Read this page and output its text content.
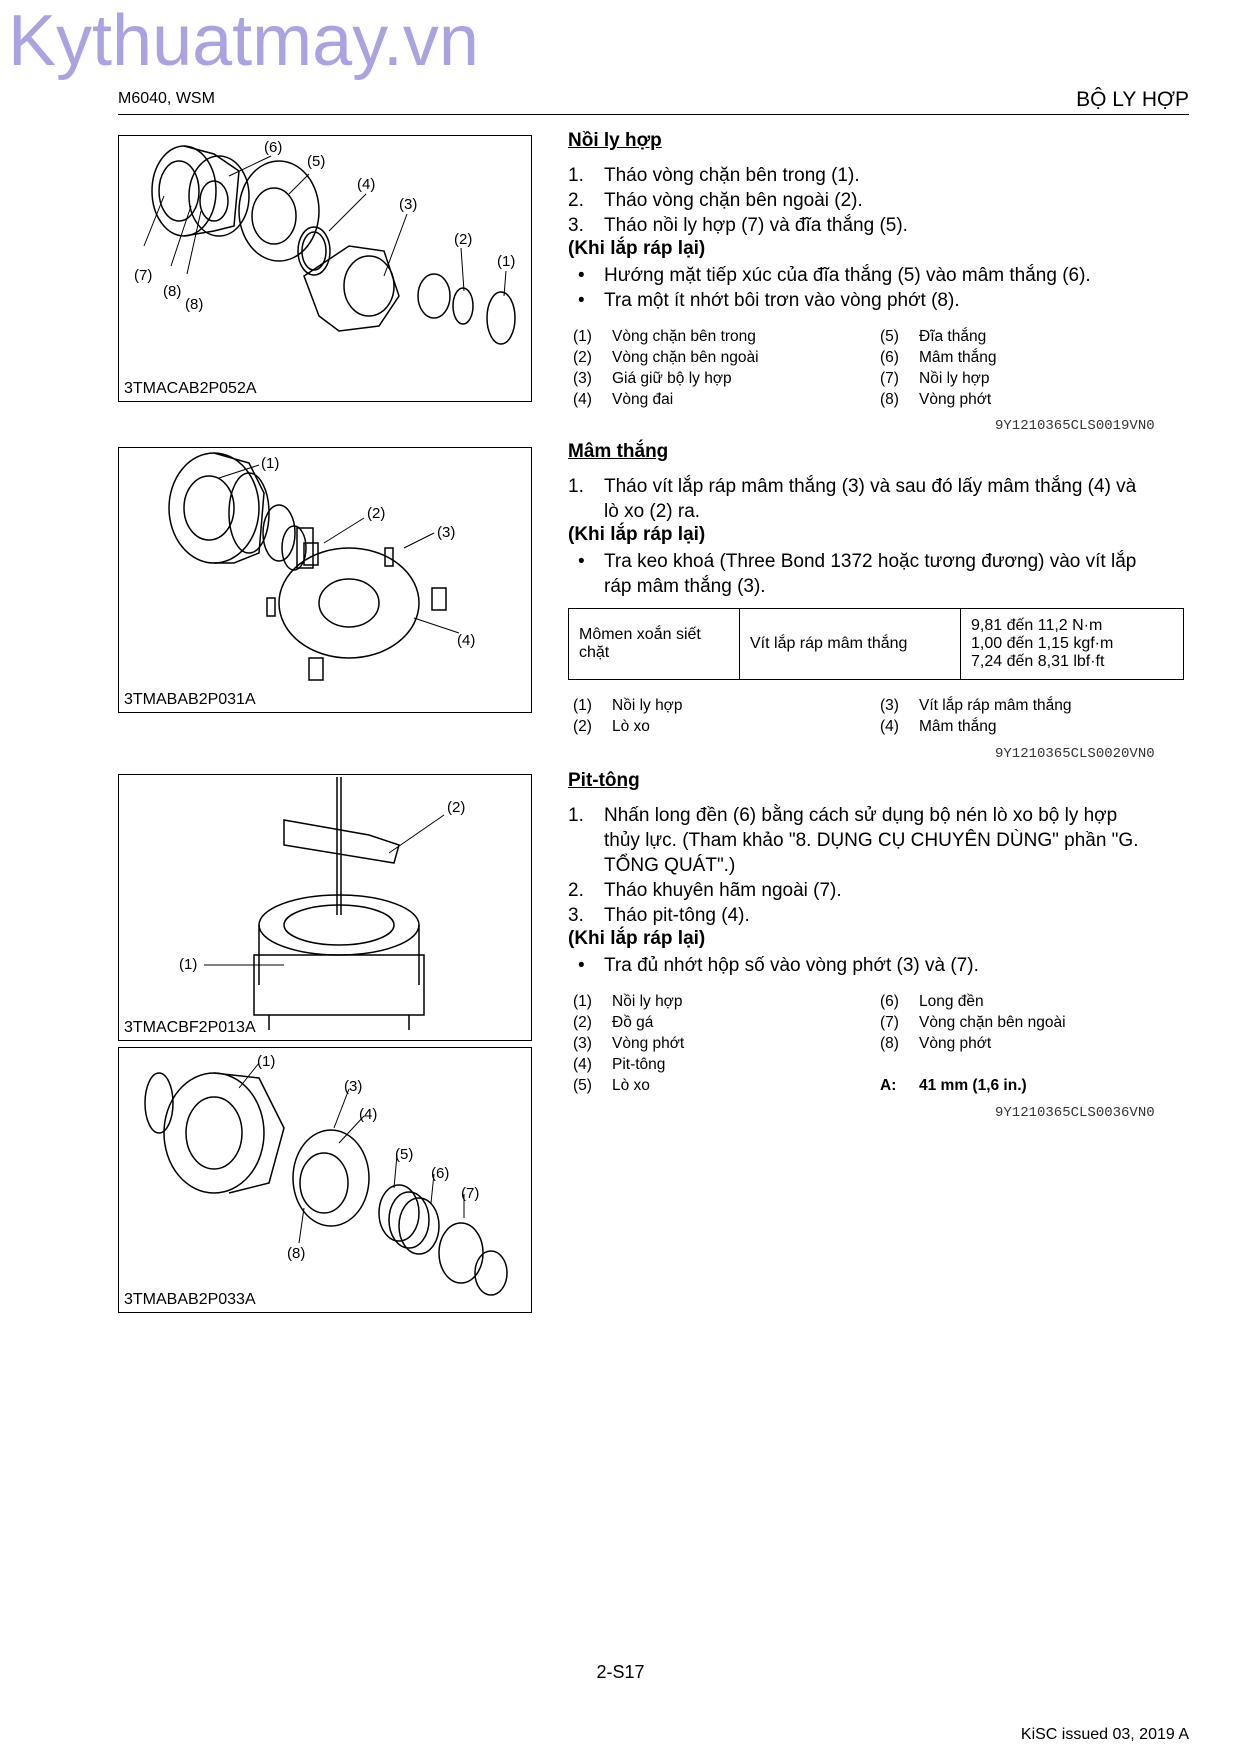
Kythuatmay.vn
M6040, WSM	BỘ LY HỢP
(6)
(5)
(4)
(3)
(2)
(1)
(7)
(8)
(8)
3TMACAB2P052A
(1)
(2)
(3)
(4)
3TMABAB2P031A
(2)
(1)
3TMACBF2P013A
(1)
(3)
(4)
(5)
(6)
(7)
(8)
3TMABAB2P033A
Nồi ly hợp
1. Tháo vòng chặn bên trong (1).
2. Tháo vòng chặn bên ngoài (2).
3. Tháo nồi ly hợp (7) và đĩa thắng (5).
(Khi lắp ráp lại)
• Hướng mặt tiếp xúc của đĩa thắng (5) vào mâm thắng (6).
• Tra một ít nhớt bôi trơn vào vòng phớt (8).
(1) Vòng chặn bên trong
(2) Vòng chặn bên ngoài
(3) Giá giữ bộ ly hợp
(4) Vòng đai
(5) Đĩa thắng
(6) Mâm thắng
(7) Nồi ly hợp
(8) Vòng phớt
9Y1210365CLS0019VN0
Mâm thắng
1. Tháo vít lắp ráp mâm thắng (3) và sau đó lấy mâm thắng (4) và
lò xo (2) ra.
(Khi lắp ráp lại)
• Tra keo khoá (Three Bond 1372 hoặc tương đương) vào vít lắp
ráp mâm thắng (3).
Mômen xoắn siết
chặt	Vít lắp ráp mâm thắng	9,81 đến 11,2 N·m
1,00 đến 1,15 kgf·m
7,24 đến 8,31 lbf·ft
(1) Nồi ly hợp
(2) Lò xo
(3) Vít lắp ráp mâm thắng
(4) Mâm thắng
9Y1210365CLS0020VN0
Pit-tông
1. Nhấn long đền (6) bằng cách sử dụng bộ nén lò xo bộ ly hợp
thủy lực. (Tham khảo "8. DỤNG CỤ CHUYÊN DÙNG" phần "G.
TỔNG QUÁT".)
2. Tháo khuyên hãm ngoài (7).
3. Tháo pit-tông (4).
(Khi lắp ráp lại)
• Tra đủ nhớt hộp số vào vòng phớt (3) và (7).
(1) Nồi ly hợp
(2) Đồ gá
(3) Vòng phớt
(4) Pit-tông
(5) Lò xo
(6) Long đền
(7) Vòng chặn bên ngoài
(8) Vòng phớt
A: 41 mm (1,6 in.)
9Y1210365CLS0036VN0
2-S17
KiSC issued 03, 2019 A
